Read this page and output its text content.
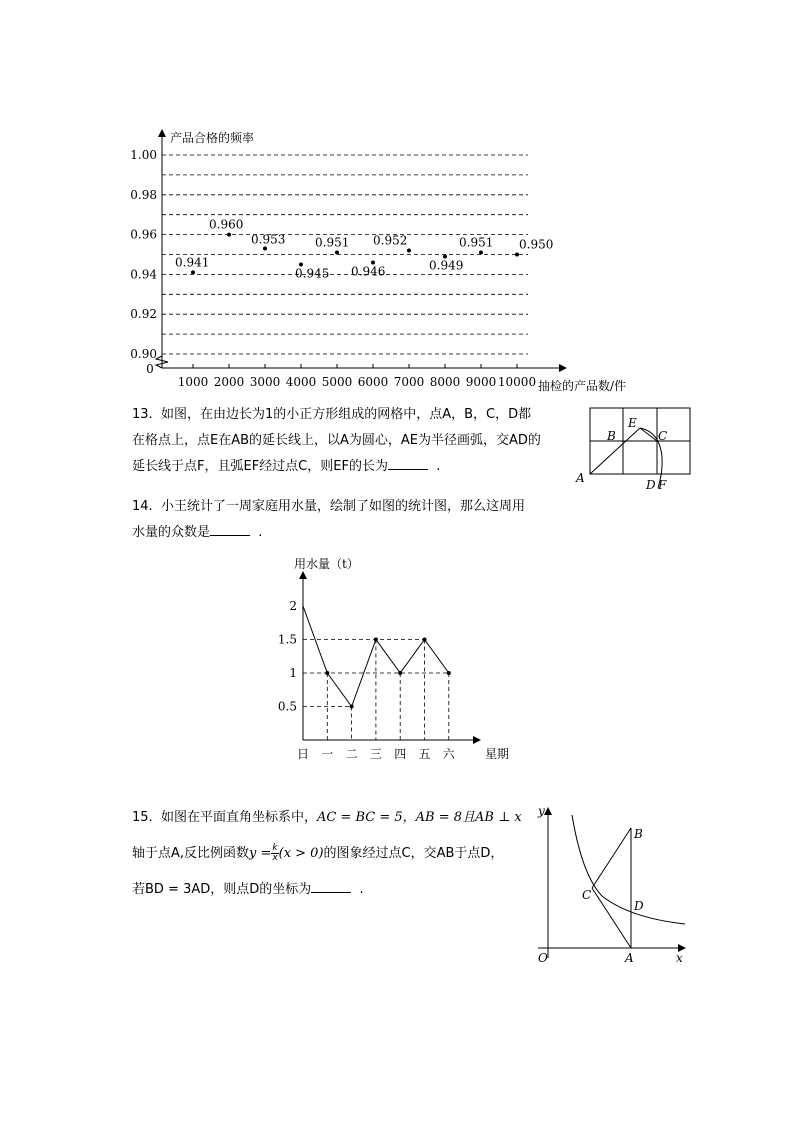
1000 2000 3000 4000 5000 6000 7000 8000 9000 10000
1.00
0.98
0.96
0.94
0.92
0.90
0
产品合格的频率
抽检的产品数/件
0.941
0.960
0.953
0.945
0.951
0.946
0.952
0.949
0.951 0.950
13. 如图，在由边长为1的小正方形组成的网格中，点A，B，C，D都
在格点上，点E在AB的延长线上，以A为圆心，AE为半径画弧，交AD的
延长线于点F，且弧EF经过点C，则EF的长为	.
A
B
E
C
D F
14. 小王统计了一周家庭用水量，绘制了如图的统计图，那么这周用
水量的众数是	.
2
1.5
1
0.5
日 一 二 三 四 五 六
用水量（t）
星期
15. 如图在平面直角坐标系中，AC = BC = 5，AB = 8且AB ⊥ x
轴于点A,反比例函数$y = \frac{k}{x} (x > 0)$的图象经过点C，交AB于点D，
若BD = 3AD，则点D的坐标为	.
y
x
O	A
B
C
D
